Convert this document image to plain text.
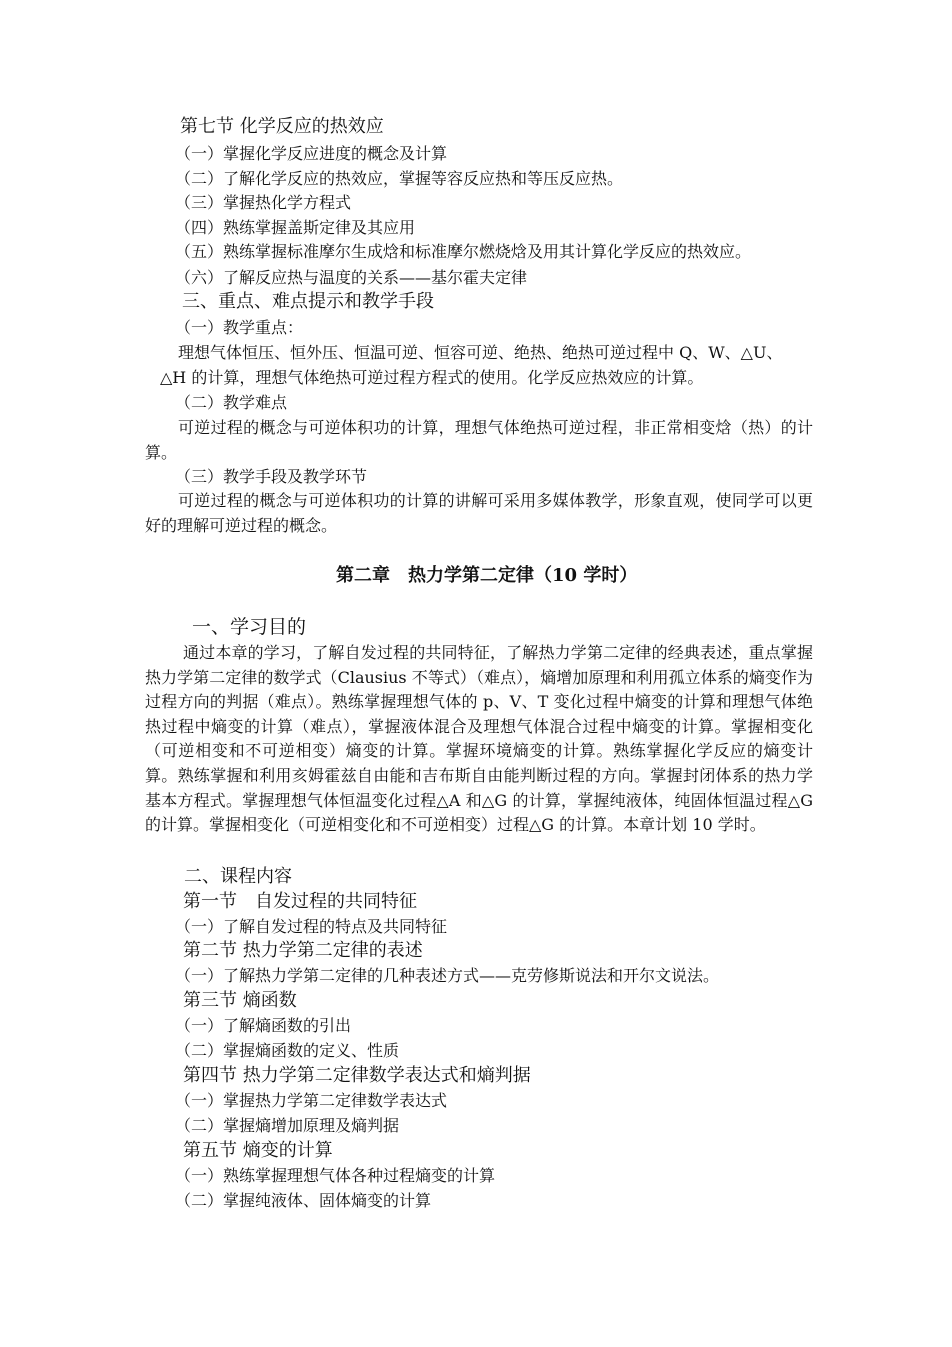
第七节 化学反应的热效应
（一）掌握化学反应进度的概念及计算
（二）了解化学反应的热效应，掌握等容反应热和等压反应热。
（三）掌握热化学方程式
（四）熟练掌握盖斯定律及其应用
（五）熟练掌握标准摩尔生成焓和标准摩尔燃烧焓及用其计算化学反应的热效应。
（六）了解反应热与温度的关系——基尔霍夫定律
三、重点、难点提示和教学手段
（一）教学重点：
理想气体恒压、恒外压、恒温可逆、恒容可逆、绝热、绝热可逆过程中 Q、W、△U、
△H 的计算，理想气体绝热可逆过程方程式的使用。化学反应热效应的计算。
（二）教学难点

可逆过程的概念与可逆体积功的计算，理想气体绝热可逆过程，非正常相变焓（热）的计算。

（三）教学手段及教学环节

可逆过程的概念与可逆体积功的计算的讲解可采用多媒体教学，形象直观，使同学可以更好的理解可逆过程的概念。

第二章　热力学第二定律（10 学时）
一、学习目的

通过本章的学习，了解自发过程的共同特征，了解热力学第二定律的经典表述，重点掌握热力学第二定律的数学式（Clausius 不等式）（难点），熵增加原理和利用孤立体系的熵变作为过程方向的判据（难点）。熟练掌握理想气体的 p、V、T 变化过程中熵变的计算和理想气体绝热过程中熵变的计算（难点），掌握液体混合及理想气体混合过程中熵变的计算。掌握相变化（可逆相变和不可逆相变）熵变的计算。掌握环境熵变的计算。熟练掌握化学反应的熵变计算。熟练掌握和利用亥姆霍兹自由能和吉布斯自由能判断过程的方向。掌握封闭体系的热力学基本方程式。掌握理想气体恒温变化过程△A 和△G 的计算，掌握纯液体，纯固体恒温过程△G 的计算。掌握相变化（可逆相变化和不可逆相变）过程△G 的计算。本章计划 10 学时。

二、课程内容
第一节　自发过程的共同特征
（一）了解自发过程的特点及共同特征
第二节 热力学第二定律的表述
（一）了解热力学第二定律的几种表述方式——克劳修斯说法和开尔文说法。
第三节 熵函数
（一）了解熵函数的引出
（二）掌握熵函数的定义、性质
第四节 热力学第二定律数学表达式和熵判据
（一）掌握热力学第二定律数学表达式
（二）掌握熵增加原理及熵判据
第五节 熵变的计算
（一）熟练掌握理想气体各种过程熵变的计算
（二）掌握纯液体、固体熵变的计算
